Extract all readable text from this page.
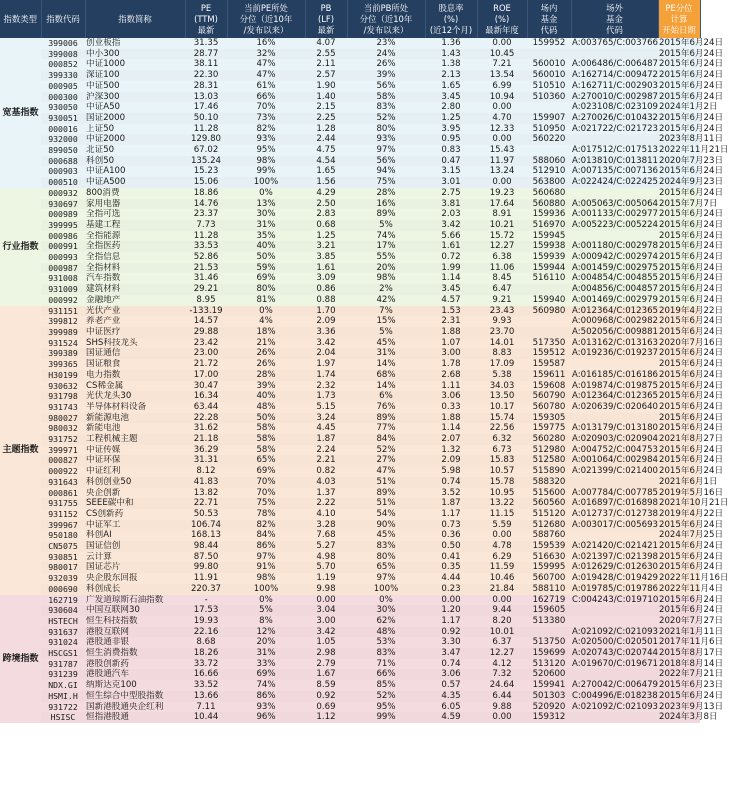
指数类型	指数代码	指数简称	PE
(TTM)
最新	当前PE所处
分位（近10年
/发布以来）	PB
(LF)
最新	当前PB所处
分位（近10年
/发布以来）	股息率
(%)
(近12个月)	ROE
(%)
最新年度	场内
基金
代码	场外
基金
代码	PE分位
计算
开始日期
宽基指数	399006	创业板指	31.35	16%	4.07	23%	1.36	0.00	159952	A:003765/C:003766	2015年6月24日
	399008	中小300	28.77	32%	2.55	24%	1.43	10.45			2015年6月24日
	000852	中证1000	38.11	47%	2.11	26%	1.38	7.21	560010	A:006486/C:006487	2015年6月24日
	399330	深证100	22.30	47%	2.57	39%	2.13	13.54	560010	A:162714/C:009472	2015年6月24日
	000905	中证500	28.31	61%	1.90	56%	1.65	6.99	510510	A:162711/C:002903	2015年6月24日
	000300	沪深300	13.03	66%	1.40	58%	3.45	10.94	510360	A:270010/C:002987	2015年6月24日
	930050	中证A50	17.46	70%	2.15	83%	2.80	0.00		A:023108/C:023109	2024年1月2日
	930051	国证2000	50.10	73%	2.25	52%	1.25	4.70	159907	A:270026/C:010432	2015年6月24日
	000016	上证50	11.28	82%	1.28	80%	3.95	12.33	510950	A:021722/C:021723	2015年6月24日
	932000	中证2000	129.80	93%	2.44	93%	0.95	0.00	560220		2023年8月11日
	899050	北证50	67.02	95%	4.75	97%	0.83	15.43		A:017512/C:017513	2022年11月21日
	000688	科创50	135.24	98%	4.54	56%	0.47	11.97	588060	A:013810/C:013811	2020年7月23日
	000903	中证A100	15.23	99%	1.65	94%	3.15	13.24	512910	A:007135/C:007136	2015年6月24日
	000510	中证A500	15.06	100%	1.56	75%	3.01	0.00	563800	A:022424/C:022425	2024年9月23日
行业指数	000932	800消费	18.86	0%	4.29	28%	2.75	19.23	560680		2015年6月24日
	930697	家用电器	14.76	13%	2.50	16%	3.81	17.64	560880	A:005063/C:005064	2015年7月7日
	000989	全指可选	23.37	30%	2.83	89%	2.03	8.91	159936	A:001133/C:002977	2015年6月24日
	399995	基建工程	7.73	31%	0.68	5%	3.42	10.21	516970	A:005223/C:005224	2015年6月24日
	000986	全指能源	11.28	35%	1.25	74%	5.66	15.72	159945		2015年6月24日
	000991	全指医药	33.53	40%	3.21	17%	1.61	12.27	159938	A:001180/C:002978	2015年6月24日
	000993	全指信息	52.86	50%	3.85	55%	0.72	6.38	159939	A:000942/C:002974	2015年6月24日
	000987	全指材料	21.53	59%	1.61	20%	1.99	11.06	159944	A:001459/C:002975	2015年6月24日
	931008	汽车指数	31.46	69%	3.09	98%	1.14	8.45	516110	A:004854/C:004855	2015年6月24日
	931009	建筑材料	29.21	80%	0.86	2%	3.45	6.47		A:004856/C:004857	2015年6月24日
	000992	金融地产	8.95	81%	0.88	42%	4.57	9.21	159940	A:001469/C:002979	2015年6月24日
主题指数	931151	光伏产业	-133.19	0%	1.70	7%	1.53	23.43	560980	A:012364/C:012365	2019年4月22日
	399812	养老产业	14.57	4%	2.09	15%	2.31	9.93		A:000968/C:002982	2015年6月24日
	399989	中证医疗	29.88	18%	3.36	5%	1.88	23.70		A:502056/C:009881	2015年6月24日
	931524	SHS科技龙头	23.42	21%	3.42	45%	1.07	14.01	517350	A:013162/C:013163	2020年7月16日
	399389	国证通信	23.00	26%	2.04	31%	3.00	8.83	159512	A:019236/C:019237	2015年6月24日
	399365	国证粮食	21.72	26%	1.97	14%	1.78	17.09	159587		2015年6月24日
	H30199	电力指数	17.00	28%	1.74	68%	2.68	5.38	159611	A:016185/C:016186	2015年6月24日
	930632	CS稀金属	30.47	39%	2.32	14%	1.11	34.03	159608	A:019874/C:019875	2015年6月24日
	931798	光伏龙头30	16.34	40%	1.73	6%	3.06	13.50	560790	A:012364/C:012365	2015年6月24日
	931743	半导体材料设备	63.44	48%	5.15	76%	0.33	10.17	560780	A:020639/C:020640	2015年6月24日
	980027	新能源电池	22.28	50%	3.24	89%	1.88	15.74	159305		2015年6月24日
	980032	新能电池	31.62	58%	4.45	77%	1.14	22.56	159775	A:013179/C:013180	2015年6月24日
	931752	工程机械主题	21.18	58%	1.87	84%	2.07	6.32	560280	A:020903/C:020904	2021年8月27日
	399971	中证传媒	36.29	58%	2.24	52%	1.32	6.73	512980	A:004752/C:004753	2015年6月24日
	000827	中证环保	31.31	65%	2.21	27%	2.09	15.83	512580	A:001064/C:002984	2015年6月24日
	000922	中证红利	8.12	69%	0.82	47%	5.98	10.57	515890	A:021399/C:021400	2015年6月24日
	931643	科创创业50	41.83	70%	4.03	51%	0.74	15.78	588320		2021年6月1日
	000861	央企创新	13.82	70%	1.37	89%	3.52	10.95	515600	A:007784/C:007785	2019年5月16日
	931755	SEEE碳中和	22.71	75%	2.22	51%	1.87	13.22	560560	A:016897/C:016898	2021年10月21日
	931152	CS创新药	50.53	78%	4.10	54%	1.17	11.15	515120	A:012737/C:012738	2019年4月22日
	399967	中证军工	106.74	82%	3.28	90%	0.73	5.59	512680	A:003017/C:005693	2015年6月24日
	950180	科创AI	168.13	84%	7.68	45%	0.36	0.00	588760		2024年7月25日
	CN5075	国证信创	98.44	86%	5.27	83%	0.50	4.78	159539	A:021420/C:021421	2015年6月24日
	930851	云计算	87.50	97%	4.98	80%	0.41	6.29	516630	A:021397/C:021398	2015年6月24日
	980017	国证芯片	99.80	91%	5.70	65%	0.35	11.59	159995	A:012629/C:012630	2015年6月24日
	932039	央企股东回报	11.91	98%	1.19	97%	4.44	10.46	560700	A:019428/C:019429	2022年11月16日
	000690	科创成长	220.37	100%	9.98	100%	0.23	21.84	588110	A:019785/C:019786	2022年11月4日
跨境指数	162719	广发道琼斯石油指数	-	0%	0.00	0%	0.00	0.00	162719	C:004243/C:019710	2015年6月24日
	930604	中国互联网30	17.53	5%	3.04	30%	1.20	9.44	159605		2015年6月24日
	HSTECH	恒生科技指数	19.93	8%	3.00	62%	1.17	8.20	513380		2020年7月27日
	931637	港股互联网	22.16	12%	3.42	48%	0.92	10.01		A:021092/C:021093	2021年1月11日
	931024	港股通非银	8.68	20%	1.05	53%	3.30	6.37	513750	A:020500/C:020501	2017年11月6日
	HSCGS1	恒生消费指数	18.26	31%	2.98	83%	3.47	12.27	159699	A:020743/C:020744	2015年8月17日
	931787	港股创新药	33.72	33%	2.79	71%	0.74	4.12	513120	A:019670/C:019671	2018年8月14日
	931239	港股通汽车	16.66	69%	1.67	66%	3.06	7.32	520600		2022年7月21日
	NDX.GI	纳斯达克100	33.52	74%	8.59	85%	0.57	24.64	159941	A:270042/C:006479	2015年6月23日
	HSMI.H	恒生综合中型股指数	13.66	86%	0.92	52%	4.35	6.44	501303	C:004996/E:018238	2015年6月24日
	931722	国新港股通央企红利	7.11	93%	0.69	95%	6.05	9.88	520920	A:021092/C:021093	2023年9月13日
	HSISC	恒指港股通	10.44	96%	1.12	99%	4.59	0.00	159312		2024年3月8日
